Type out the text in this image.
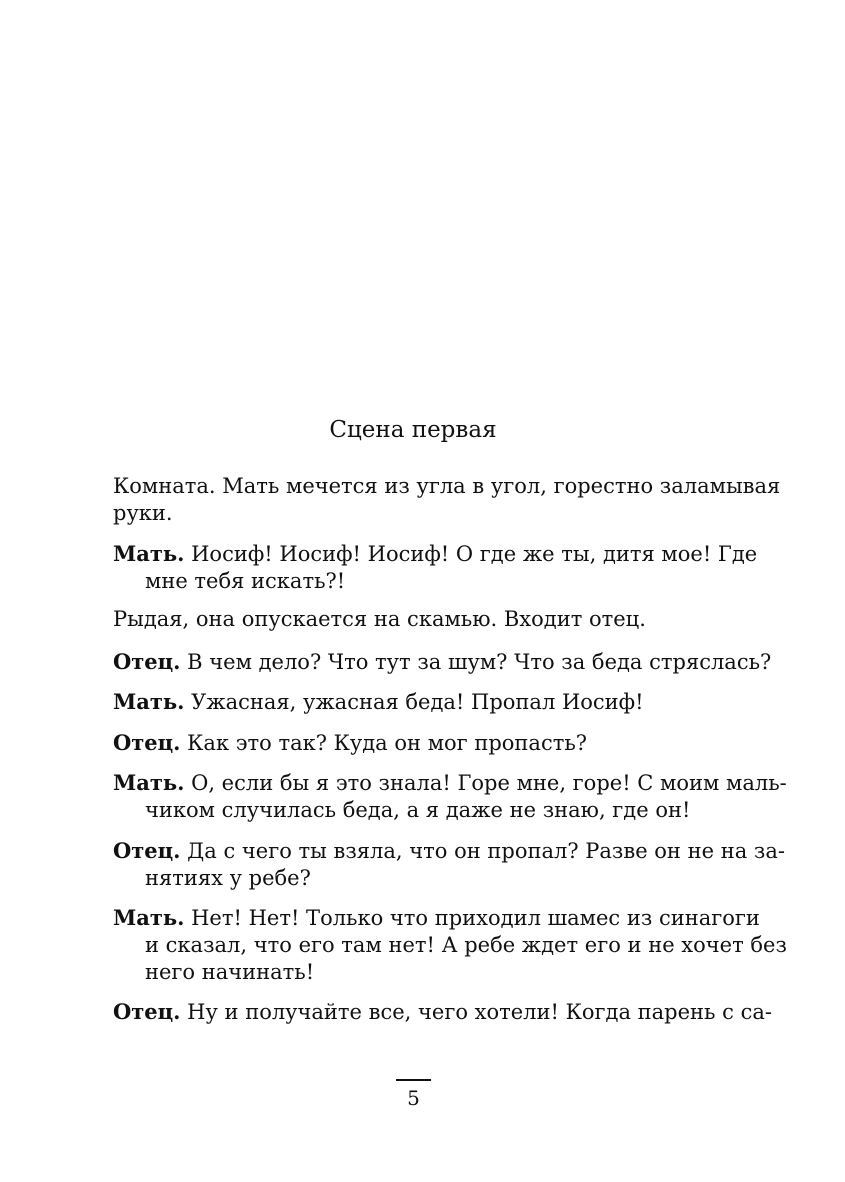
Сцена первая

Комната. Мать мечется из угла в угол, горестно заламывая
руки.

Мать. Иосиф! Иосиф! Иосиф! О где же ты, дитя мое! Где
мне тебя искать?!

Рыдая, она опускается на скамью. Входит отец.

Отец. В чем дело? Что тут за шум? Что за беда стряслась?

Мать. Ужасная, ужасная беда! Пропал Иосиф!

Отец. Как это так? Куда он мог пропасть?

Мать. О, если бы я это знала! Горе мне, горе! С моим маль-
чиком случилась беда, а я даже не знаю, где он!

Отец. Да с чего ты взяла, что он пропал? Разве он не на за-
нятиях у ребе?

Мать. Нет! Нет! Только что приходил шамес из синагоги
и сказал, что его там нет! А ребе ждет его и не хочет без
него начинать!

Отец. Ну и получайте все, чего хотели! Когда парень с са-

5
